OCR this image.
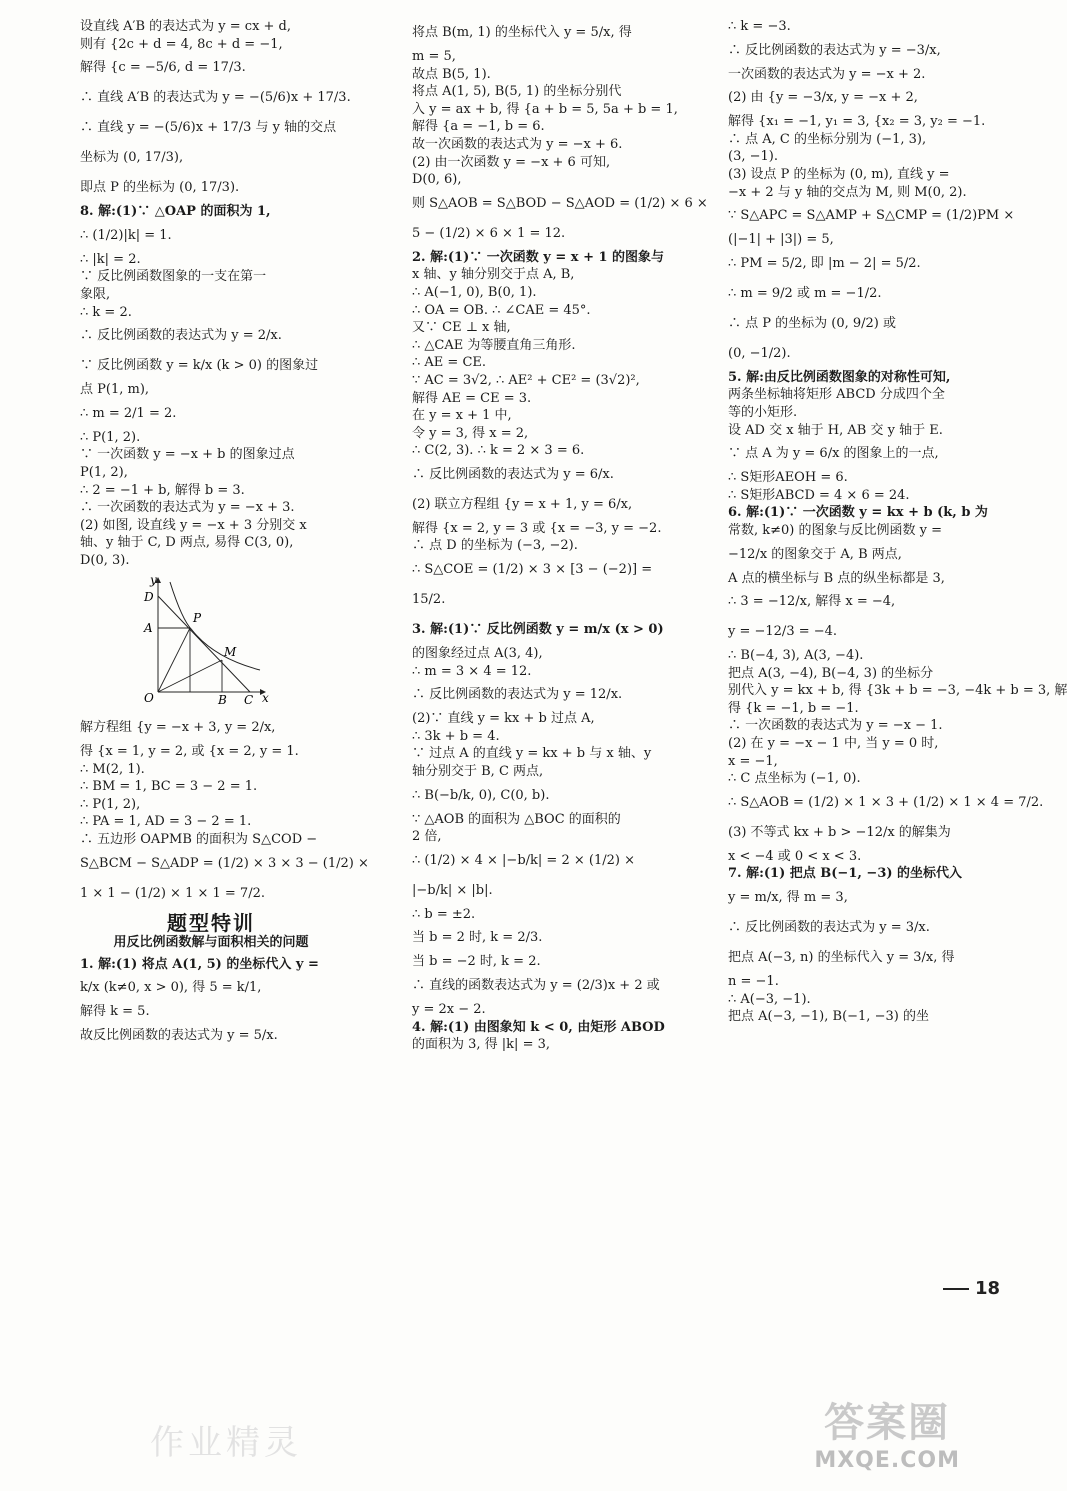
设直线 A′B 的表达式为 y = cx + d,
则有 {2c + d = 4, 8c + d = −1,
解得 {c = −5/6, d = 17/3.
∴ 直线 A′B 的表达式为 y = −(5/6)x + 17/3.
∴ 直线 y = −(5/6)x + 17/3 与 y 轴的交点
坐标为 (0, 17/3),
即点 P 的坐标为 (0, 17/3).
8. 解:(1)∵ △OAP 的面积为 1,
∴ (1/2)|k| = 1.
∴ |k| = 2.
∵ 反比例函数图象的一支在第一
象限,
∴ k = 2.
∴ 反比例函数的表达式为 y = 2/x.
∵ 反比例函数 y = k/x (k > 0) 的图象过
点 P(1, m),
∴ m = 2/1 = 2.
∴ P(1, 2).
∵ 一次函数 y = −x + b 的图象过点
P(1, 2),
∴ 2 = −1 + b, 解得 b = 3.
∴ 一次函数的表达式为 y = −x + 3.
(2) 如图, 设直线 y = −x + 3 分别交 x
轴、y 轴于 C, D 两点, 易得 C(3, 0),
D(0, 3).
y
x
D
A
P
M
O	B C
解方程组 {y = −x + 3, y = 2/x,
得 {x = 1, y = 2, 或 {x = 2, y = 1.
∴ M(2, 1).
∴ BM = 1, BC = 3 − 2 = 1.
∴ P(1, 2),
∴ PA = 1, AD = 3 − 2 = 1.
∴ 五边形 OAPMB 的面积为 S△COD −
S△BCM − S△ADP = (1/2) × 3 × 3 − (1/2) ×
1 × 1 − (1/2) × 1 × 1 = 7/2.
题型特训
用反比例函数解与面积相关的问题
1. 解:(1) 将点 A(1, 5) 的坐标代入 y =
k/x (k≠0, x > 0), 得 5 = k/1,
解得 k = 5.
故反比例函数的表达式为 y = 5/x.
将点 B(m, 1) 的坐标代入 y = 5/x, 得
m = 5,
故点 B(5, 1).
将点 A(1, 5), B(5, 1) 的坐标分别代
入 y = ax + b, 得 {a + b = 5, 5a + b = 1,
解得 {a = −1, b = 6.
故一次函数的表达式为 y = −x + 6.
(2) 由一次函数 y = −x + 6 可知,
D(0, 6),
则 S△AOB = S△BOD − S△AOD = (1/2) × 6 ×
5 − (1/2) × 6 × 1 = 12.
2. 解:(1)∵ 一次函数 y = x + 1 的图象与
x 轴、y 轴分别交于点 A, B,
∴ A(−1, 0), B(0, 1).
∴ OA = OB. ∴ ∠CAE = 45°.
又∵ CE ⊥ x 轴,
∴ △CAE 为等腰直角三角形.
∴ AE = CE.
∵ AC = 3√2, ∴ AE² + CE² = (3√2)²,
解得 AE = CE = 3.
在 y = x + 1 中,
令 y = 3, 得 x = 2,
∴ C(2, 3). ∴ k = 2 × 3 = 6.
∴ 反比例函数的表达式为 y = 6/x.
(2) 联立方程组 {y = x + 1, y = 6/x,
解得 {x = 2, y = 3 或 {x = −3, y = −2.
∴ 点 D 的坐标为 (−3, −2).
∴ S△COE = (1/2) × 3 × [3 − (−2)] =
15/2.
3. 解:(1)∵ 反比例函数 y = m/x (x > 0)
的图象经过点 A(3, 4),
∴ m = 3 × 4 = 12.
∴ 反比例函数的表达式为 y = 12/x.
(2)∵ 直线 y = kx + b 过点 A,
∴ 3k + b = 4.
∵ 过点 A 的直线 y = kx + b 与 x 轴、y
轴分别交于 B, C 两点,
∴ B(−b/k, 0), C(0, b).
∵ △AOB 的面积为 △BOC 的面积的
2 倍,
∴ (1/2) × 4 × |−b/k| = 2 × (1/2) ×
|−b/k| × |b|.
∴ b = ±2.
当 b = 2 时, k = 2/3.
当 b = −2 时, k = 2.
∴ 直线的函数表达式为 y = (2/3)x + 2 或
y = 2x − 2.
4. 解:(1) 由图象知 k < 0, 由矩形 ABOD
的面积为 3, 得 |k| = 3,
∴ k = −3.
∴ 反比例函数的表达式为 y = −3/x,
一次函数的表达式为 y = −x + 2.
(2) 由 {y = −3/x, y = −x + 2,
解得 {x₁ = −1, y₁ = 3, {x₂ = 3, y₂ = −1.
∴ 点 A, C 的坐标分别为 (−1, 3),
(3, −1).
(3) 设点 P 的坐标为 (0, m), 直线 y =
−x + 2 与 y 轴的交点为 M, 则 M(0, 2).
∵ S△APC = S△AMP + S△CMP = (1/2)PM ×
(|−1| + |3|) = 5,
∴ PM = 5/2, 即 |m − 2| = 5/2.
∴ m = 9/2 或 m = −1/2.
∴ 点 P 的坐标为 (0, 9/2) 或
(0, −1/2).
5. 解:由反比例函数图象的对称性可知,
两条坐标轴将矩形 ABCD 分成四个全
等的小矩形.
设 AD 交 x 轴于 H, AB 交 y 轴于 E.
∵ 点 A 为 y = 6/x 的图象上的一点,
∴ S矩形AEOH = 6.
∴ S矩形ABCD = 4 × 6 = 24.
6. 解:(1)∵ 一次函数 y = kx + b (k, b 为
常数, k≠0) 的图象与反比例函数 y =
−12/x 的图象交于 A, B 两点,
A 点的横坐标与 B 点的纵坐标都是 3,
∴ 3 = −12/x, 解得 x = −4,
y = −12/3 = −4.
∴ B(−4, 3), A(3, −4).
把点 A(3, −4), B(−4, 3) 的坐标分
别代入 y = kx + b, 得 {3k + b = −3, −4k + b = 3, 解
得 {k = −1, b = −1.
∴ 一次函数的表达式为 y = −x − 1.
(2) 在 y = −x − 1 中, 当 y = 0 时,
x = −1,
∴ C 点坐标为 (−1, 0).
∴ S△AOB = (1/2) × 1 × 3 + (1/2) × 1 × 4 = 7/2.
(3) 不等式 kx + b > −12/x 的解集为
x < −4 或 0 < x < 3.
7. 解:(1) 把点 B(−1, −3) 的坐标代入
y = m/x, 得 m = 3,
∴ 反比例函数的表达式为 y = 3/x.
把点 A(−3, n) 的坐标代入 y = 3/x, 得
n = −1.
∴ A(−3, −1).
把点 A(−3, −1), B(−1, −3) 的坐
18
作业精灵	答案圈
MXQE.COM
